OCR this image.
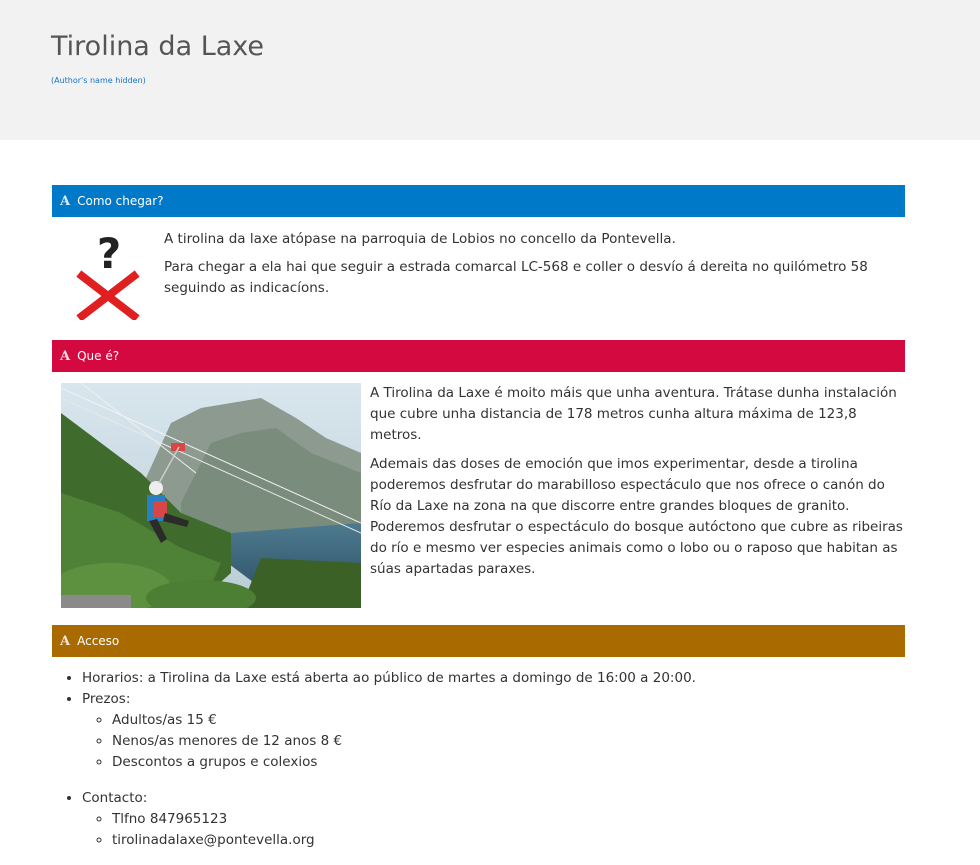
Tirolina da Laxe
(Author's name hidden)
A Como chegar?
?	A tirolina da laxe atópase na parroquia de Lobios no concello da Pontevella.

Para chegar a ela hai que seguir a estrada comarcal LC-568 e coller o desvío á dereita no quilómetro 58 seguindo as indicacíons.

A Que é?

A Tirolina da Laxe é moito máis que unha aventura. Trátase dunha instalación que cubre unha distancia de 178 metros cunha altura máxima de 123,8 metros.

Ademais das doses de emoción que imos experimentar, desde a tirolina poderemos desfrutar do marabilloso espectáculo que nos ofrece o canón do Río da Laxe na zona na que discorre entre grandes bloques de granito. Poderemos desfrutar o espectáculo do bosque autóctono que cubre as ribeiras do río e mesmo ver especies animais como o lobo ou o raposo que habitan as súas apartadas paraxes.

A Acceso
• Horarios: a Tirolina da Laxe está aberta ao público de martes a domingo de 16:00 a 20:00.
• Prezos:
◦ Adultos/as 15 €
◦ Nenos/as menores de 12 anos 8 €
◦ Descontos a grupos e colexios
• Contacto:
◦ Tlfno 847965123
◦ tirolinadalaxe@pontevella.org
